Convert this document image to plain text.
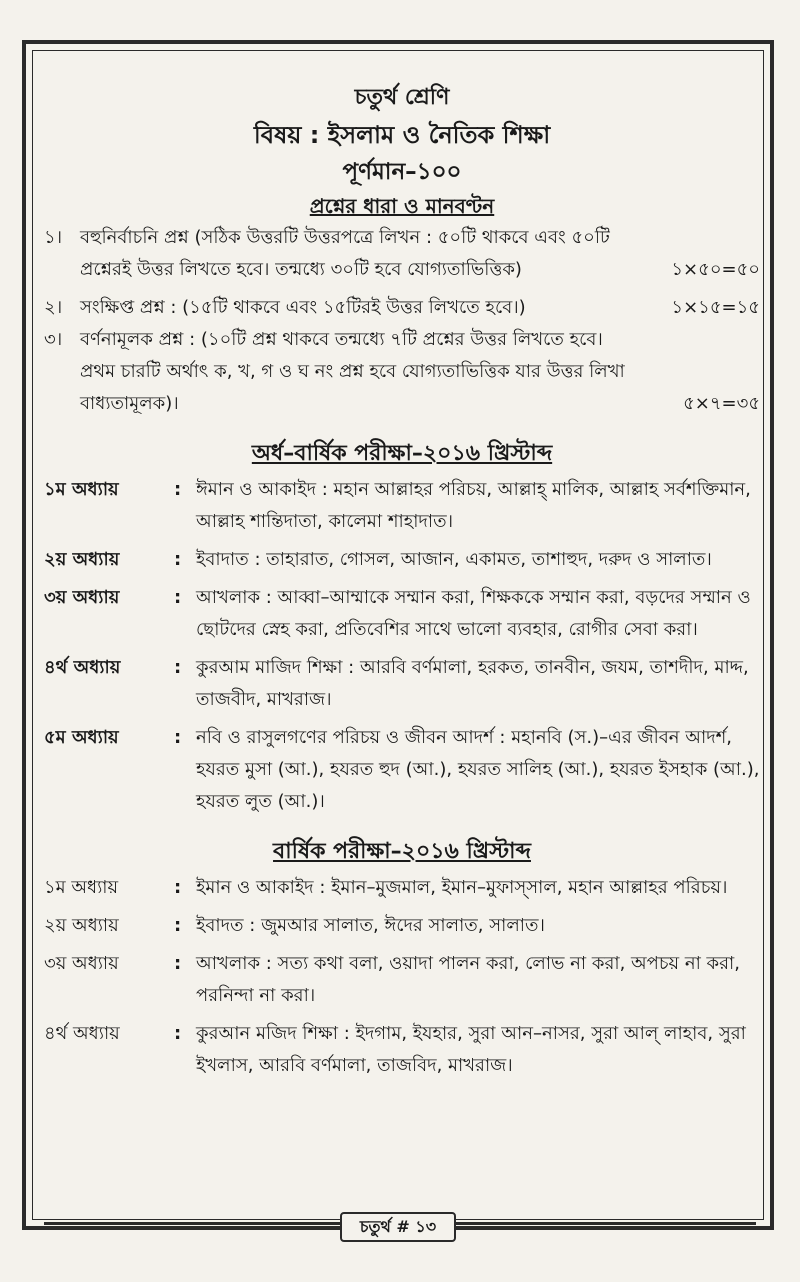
চতুর্থ শ্রেণি
বিষয় : ইসলাম ও নৈতিক শিক্ষা
পূর্ণমান–১০০
প্রশ্নের ধারা ও মানবণ্টন
১। বহুনির্বাচনি প্রশ্ন (সঠিক উত্তরটি উত্তরপত্রে লিখন : ৫০টি থাকবে এবং ৫০টি প্রশ্নেরই উত্তর লিখতে হবে। তন্মধ্যে ৩০টি হবে যোগ্যতাভিত্তিক)	১×৫০=৫০
২। সংক্ষিপ্ত প্রশ্ন : (১৫টি থাকবে এবং ১৫টিরই উত্তর লিখতে হবে।)	১×১৫=১৫
৩। বর্ণনামূলক প্রশ্ন : (১০টি প্রশ্ন থাকবে তন্মধ্যে ৭টি প্রশ্নের উত্তর লিখতে হবে। প্রথম চারটি অর্থাৎ ক, খ, গ ও ঘ নং প্রশ্ন হবে যোগ্যতাভিত্তিক যার উত্তর লিখা বাধ্যতামূলক)।	৫×৭=৩৫
অর্ধ–বার্ষিক পরীক্ষা–২০১৬ খ্রিস্টাব্দ
১ম অধ্যায়	: ঈমান ও আকাইদ : মহান আল্লাহর পরিচয়, আল্লাহ্ মালিক, আল্লাহ সর্বশক্তিমান, আল্লাহ শান্তিদাতা, কালেমা শাহাদাত।
২য় অধ্যায়	: ইবাদাত : তাহারাত, গোসল, আজান, একামত, তাশাহুদ, দরুদ ও সালাত।
৩য় অধ্যায়	: আখলাক : আব্বা–আম্মাকে সম্মান করা, শিক্ষককে সম্মান করা, বড়দের সম্মান ও ছোটদের স্নেহ করা, প্রতিবেশির সাথে ভালো ব্যবহার, রোগীর সেবা করা।
৪র্থ অধ্যায়	: কুরআম মাজিদ শিক্ষা : আরবি বর্ণমালা, হরকত, তানবীন, জযম, তাশদীদ, মাদ্দ, তাজবীদ, মাখরাজ।
৫ম অধ্যায়	: নবি ও রাসুলগণের পরিচয় ও জীবন আদর্শ : মহানবি (স.)–এর জীবন আদর্শ, হযরত মুসা (আ.), হযরত হুদ (আ.), হযরত সালিহ (আ.), হযরত ইসহাক (আ.), হযরত লুত (আ.)।
বার্ষিক পরীক্ষা–২০১৬ খ্রিস্টাব্দ
১ম অধ্যায়	: ইমান ও আকাইদ : ইমান–মুজমাল, ইমান–মুফাস্সাল, মহান আল্লাহর পরিচয়।
২য় অধ্যায়	: ইবাদত : জুমআর সালাত, ঈদের সালাত, সালাত।
৩য় অধ্যায়	: আখলাক : সত্য কথা বলা, ওয়াদা পালন করা, লোভ না করা, অপচয় না করা, পরনিন্দা না করা।
৪র্থ অধ্যায়	: কুরআন মজিদ শিক্ষা : ইদগাম, ইযহার, সুরা আন–নাসর, সুরা আল্ লাহাব, সুরা ইখলাস, আরবি বর্ণমালা, তাজবিদ, মাখরাজ।
চতুর্থ # ১৩
